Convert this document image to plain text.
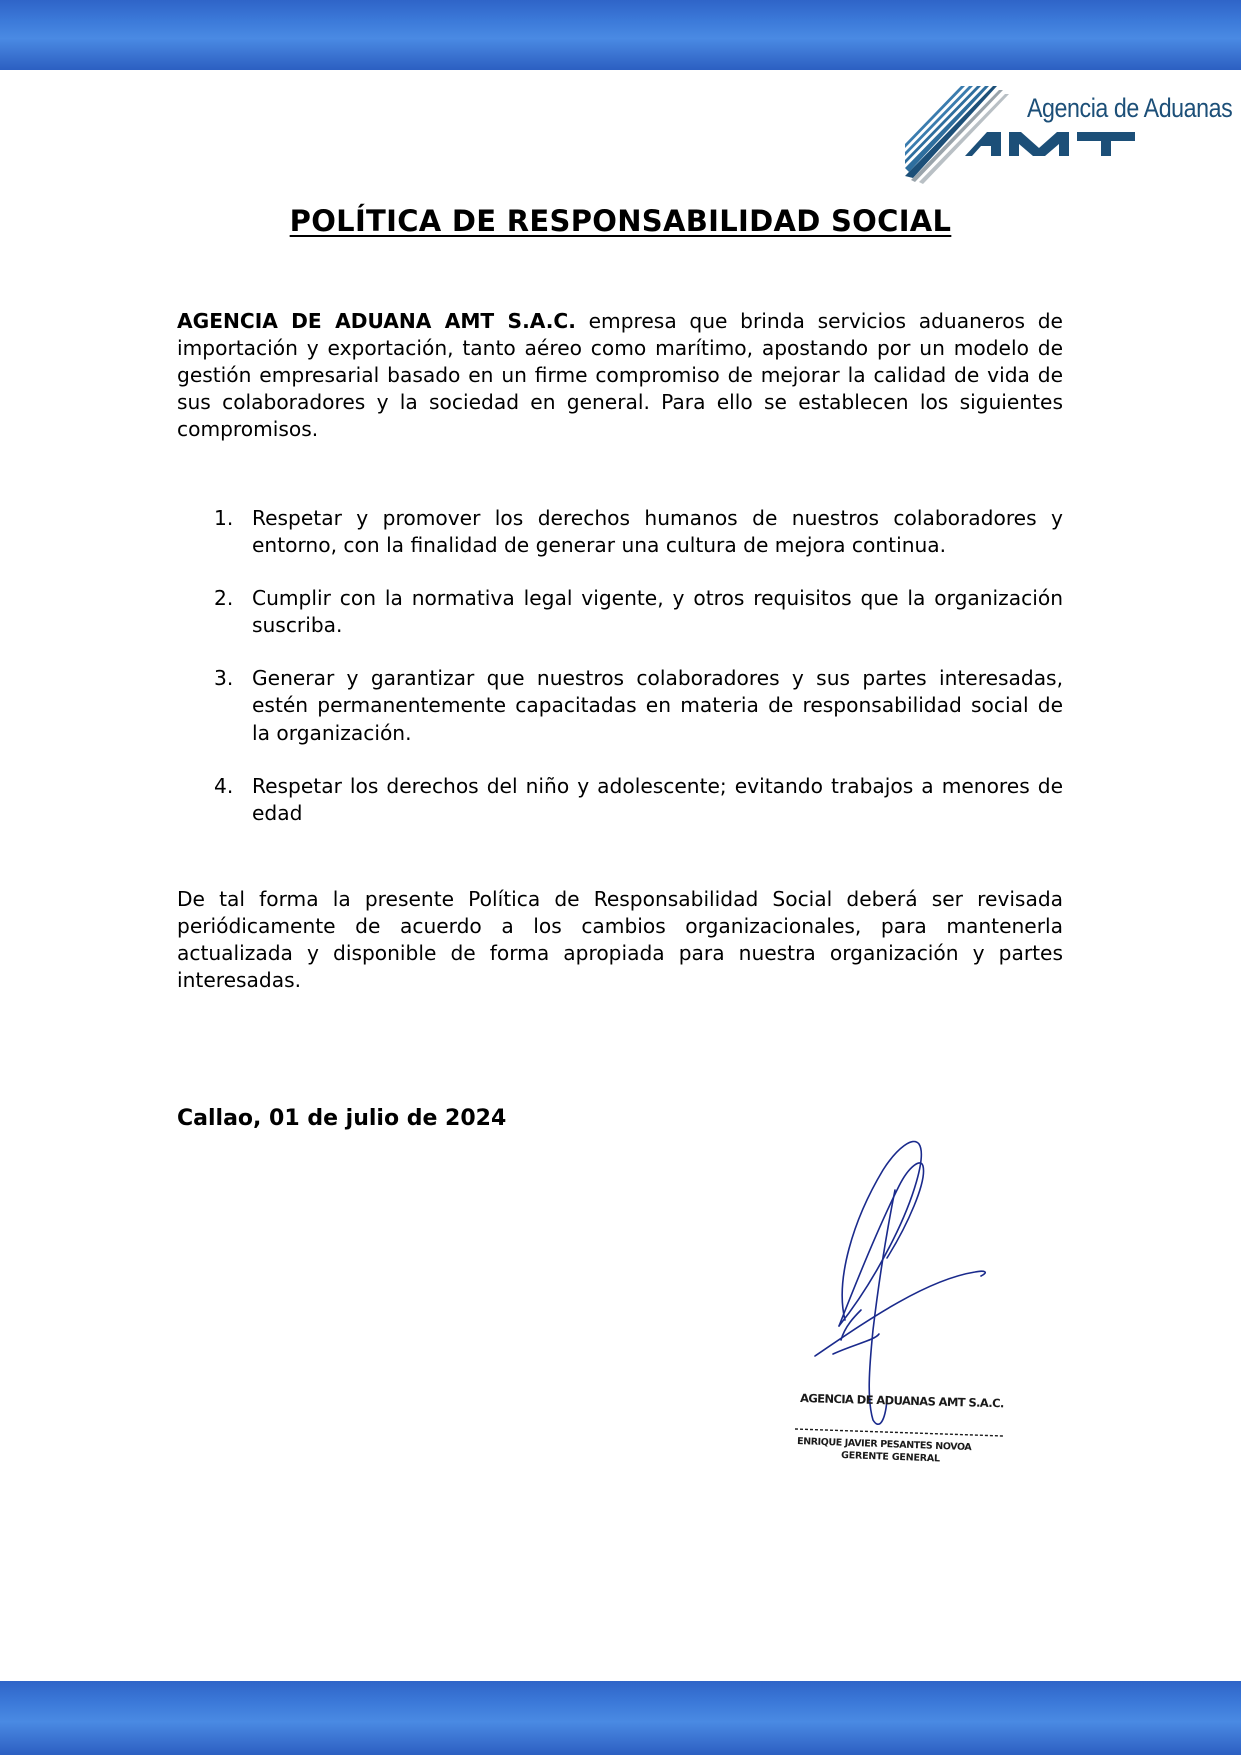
Agencia de Aduanas
POLÍTICA DE RESPONSABILIDAD SOCIAL
AGENCIA DE ADUANA AMT S.A.C. empresa que brinda servicios aduaneros de importación y exportación, tanto aéreo como marítimo, apostando por un modelo de gestión empresarial basado en un firme compromiso de mejorar la calidad de vida de sus colaboradores y la sociedad en general. Para ello se establecen los siguientes compromisos.
1. Respetar y promover los derechos humanos de nuestros colaboradores y entorno, con la finalidad de generar una cultura de mejora continua.
2. Cumplir con la normativa legal vigente, y otros requisitos que la organización suscriba.
3. Generar y garantizar que nuestros colaboradores y sus partes interesadas, estén permanentemente capacitadas en materia de responsabilidad social de la organización.
4. Respetar los derechos del niño y adolescente; evitando trabajos a menores de edad
De tal forma la presente Política de Responsabilidad Social deberá ser revisada periódicamente de acuerdo a los cambios organizacionales, para mantenerla actualizada y disponible de forma apropiada para nuestra organización y partes interesadas.
Callao, 01 de julio de 2024
AGENCIA DE ADUANAS AMT S.A.C.
ENRIQUE JAVIER PESANTES NOVOA
GERENTE GENERAL
